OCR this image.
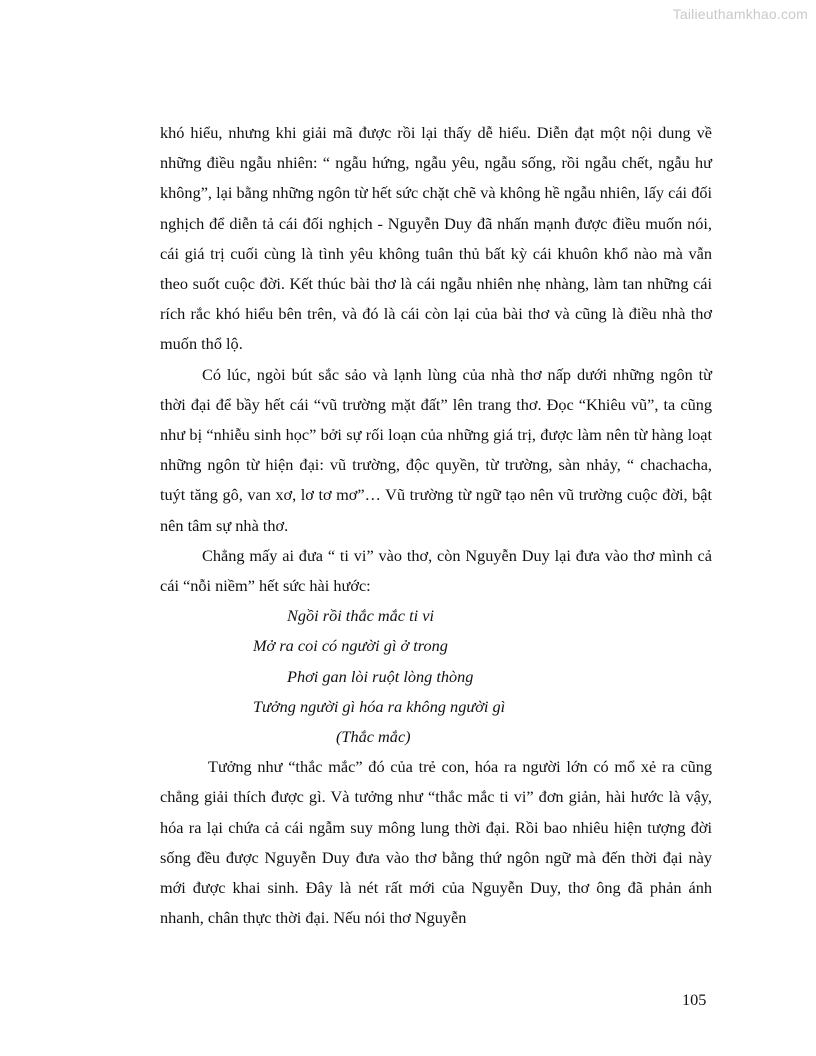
Tailieuthamkhao.com

khó hiểu, nhưng khi giải mã được rồi lại thấy dễ hiểu. Diễn đạt một nội dung về những điều ngẫu nhiên: “ ngẫu hứng, ngẫu yêu, ngẫu sống, rồi ngẫu chết, ngẫu hư không”, lại bằng những ngôn từ hết sức chặt chẽ và không hề ngẫu nhiên, lấy cái đối nghịch để diễn tả cái đối nghịch - Nguyễn Duy đã nhấn mạnh được điều muốn nói, cái giá trị cuối cùng là tình yêu không tuân thủ bất kỳ cái khuôn khổ nào mà vẫn theo suốt cuộc đời. Kết thúc bài thơ là cái ngẫu nhiên nhẹ nhàng, làm tan những cái rích rắc khó hiểu bên trên, và đó là cái còn lại của bài thơ và cũng là điều nhà thơ muốn thổ lộ.

Có lúc, ngòi bút sắc sảo và lạnh lùng của nhà thơ nấp dưới những ngôn từ thời đại để bầy hết cái “vũ trường mặt đất” lên trang thơ. Đọc “Khiêu vũ”, ta cũng như bị “nhiễu sinh học” bởi sự rối loạn của những giá trị, được làm nên từ hàng loạt những ngôn từ hiện đại: vũ trường, độc quyền, từ trường, sàn nhảy, “ chachacha, tuýt tăng gô, van xơ, lơ tơ mơ”… Vũ trường từ ngữ tạo nên vũ trường cuộc đời, bật nên tâm sự nhà thơ.

Chẳng mấy ai đưa “ ti vi” vào thơ, còn Nguyễn Duy lại đưa vào thơ mình cả cái “nỗi niềm” hết sức hài hước:

Ngồi rồi thắc mắc ti vi
Mở ra coi có người gì ở trong
Phơi gan lòi ruột lòng thòng
Tưởng người gì hóa ra không người gì
(Thắc mắc)

Tưởng như “thắc mắc” đó của trẻ con, hóa ra người lớn có mổ xẻ ra cũng chẳng giải thích được gì. Và tưởng như “thắc mắc ti vi” đơn giản, hài hước là vậy, hóa ra lại chứa cả cái ngẫm suy mông lung thời đại. Rồi bao nhiêu hiện tượng đời sống đều được Nguyễn Duy đưa vào thơ bằng thứ ngôn ngữ mà đến thời đại này mới được khai sinh. Đây là nét rất mới của Nguyễn Duy, thơ ông đã phản ánh nhanh, chân thực thời đại. Nếu nói thơ Nguyễn

105
